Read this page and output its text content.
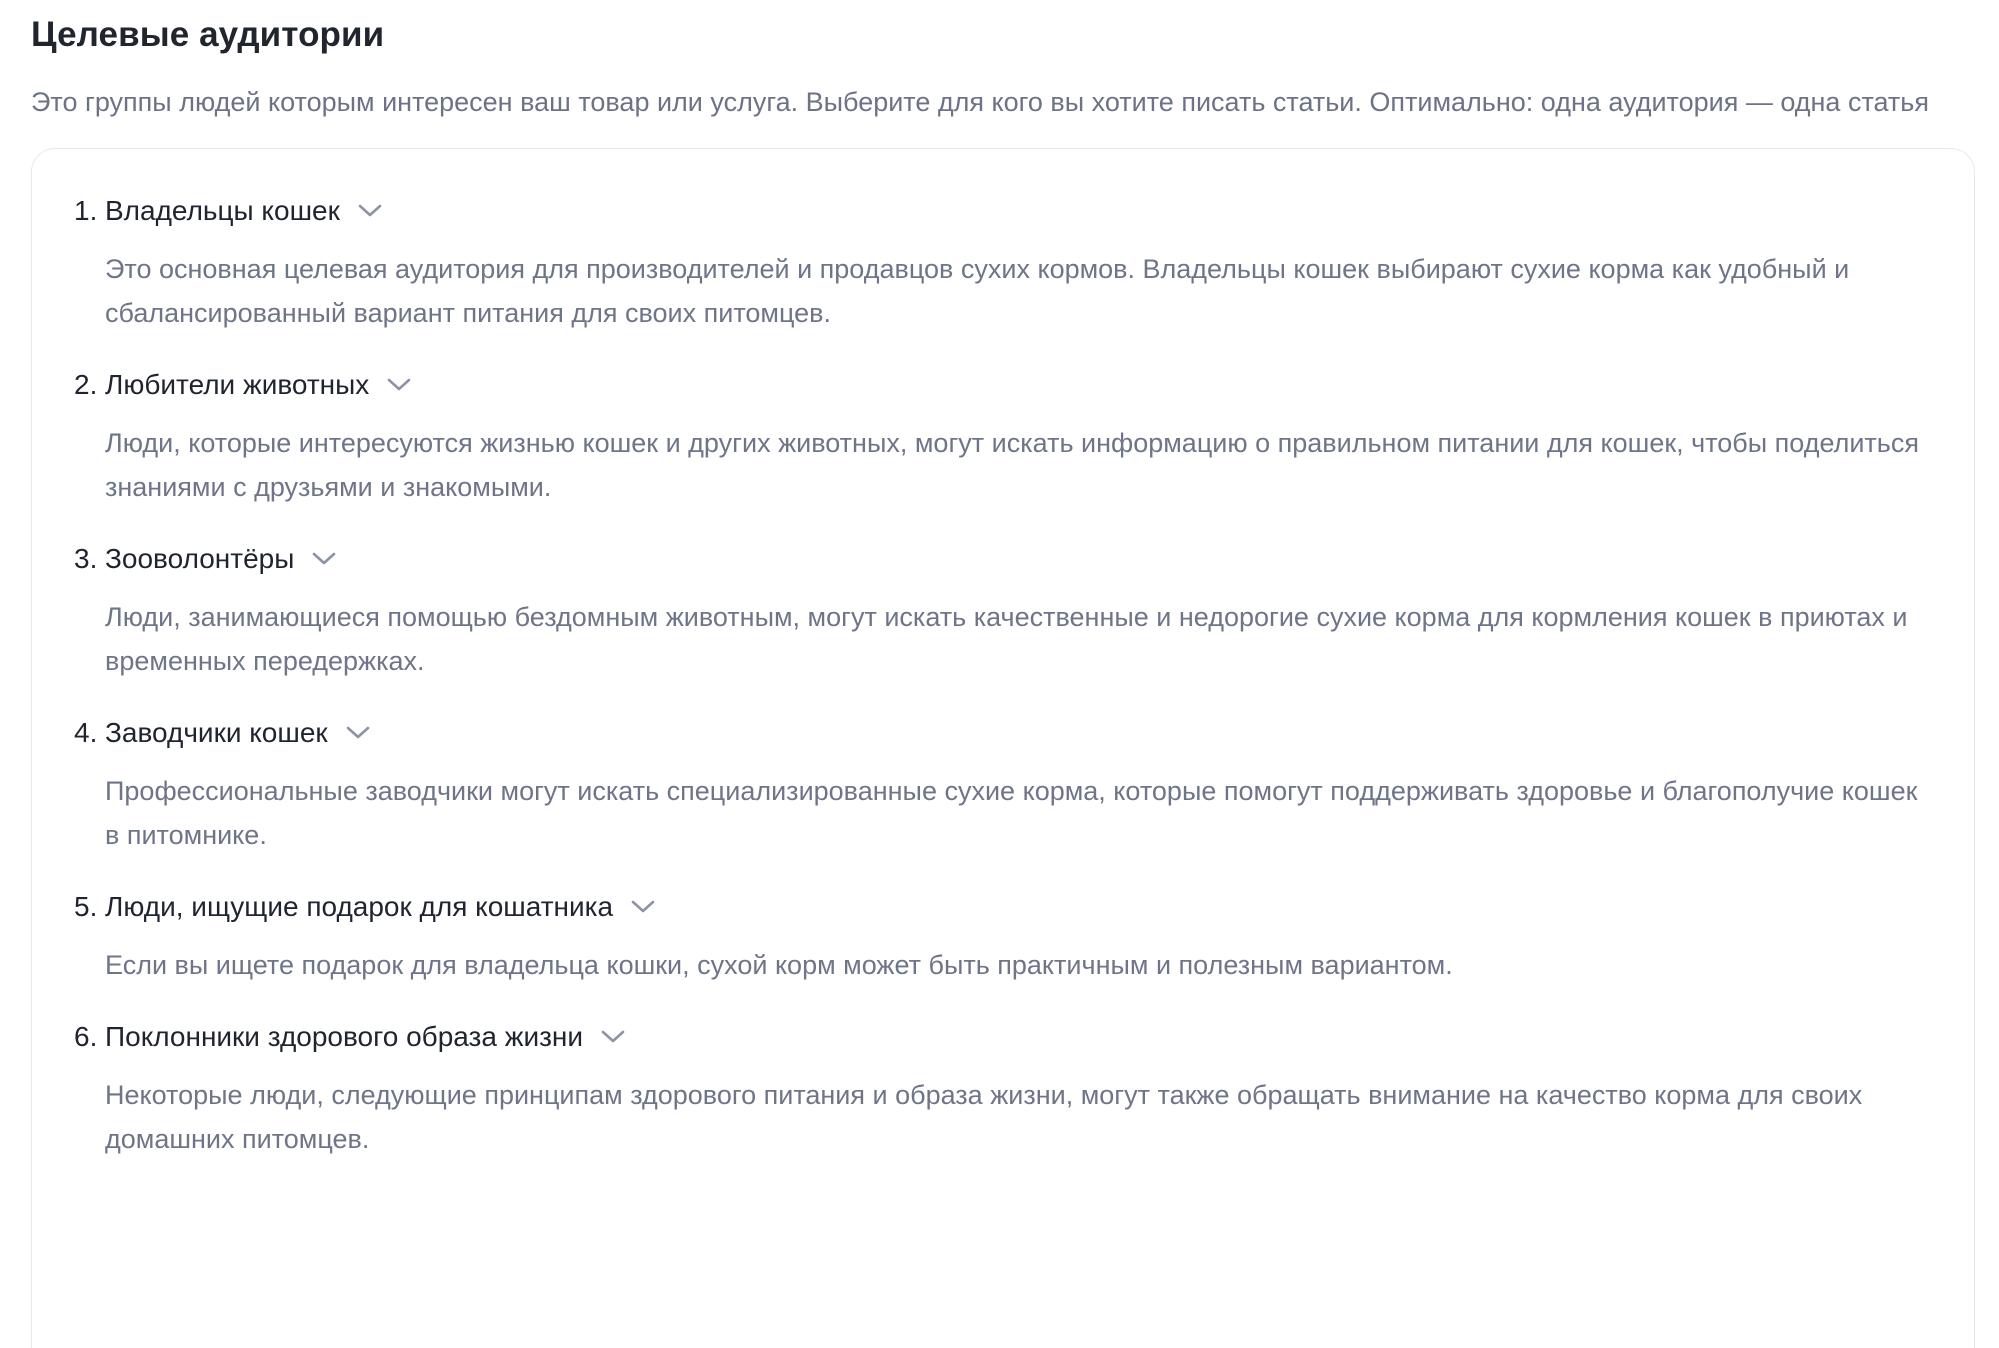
Целевые аудитории

Это группы людей которым интересен ваш товар или услуга. Выберите для кого вы хотите писать статьи. Оптимально: одна аудитория — одна статья

1. Владельцы кошек

Это основная целевая аудитория для производителей и продавцов сухих кормов. Владельцы кошек выбирают сухие корма как удобный и сбалансированный вариант питания для своих питомцев.

2. Любители животных

Люди, которые интересуются жизнью кошек и других животных, могут искать информацию о правильном питании для кошек, чтобы поделиться знаниями с друзьями и знакомыми.

3. Зооволонтёры

Люди, занимающиеся помощью бездомным животным, могут искать качественные и недорогие сухие корма для кормления кошек в приютах и временных передержках.

4. Заводчики кошек

Профессиональные заводчики могут искать специализированные сухие корма, которые помогут поддерживать здоровье и благополучие кошек в питомнике.

5. Люди, ищущие подарок для кошатника

Если вы ищете подарок для владельца кошки, сухой корм может быть практичным и полезным вариантом.

6. Поклонники здорового образа жизни

Некоторые люди, следующие принципам здорового питания и образа жизни, могут также обращать внимание на качество корма для своих домашних питомцев.
